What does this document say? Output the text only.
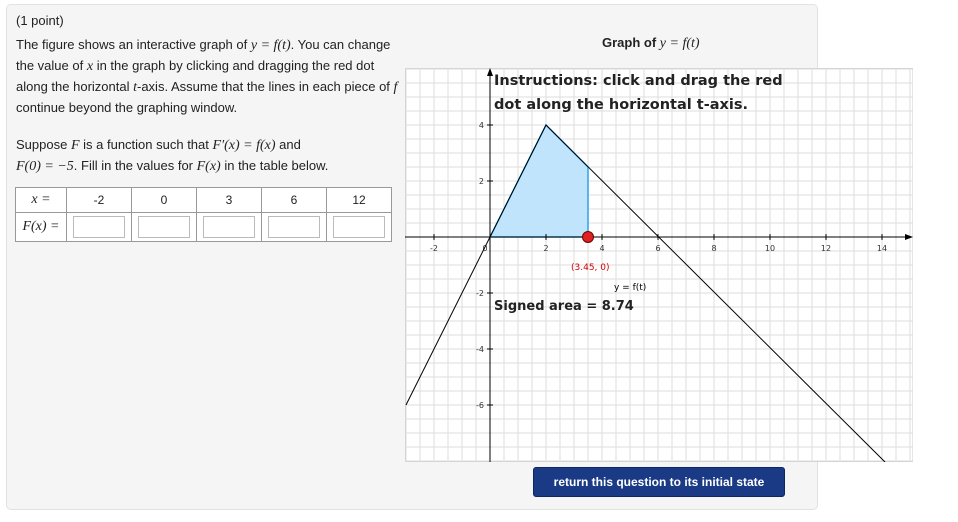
(1 point)
The figure shows an interactive graph of y = f(t). You can change the value of x in the graph by clicking and dragging the red dot along the horizontal t-axis. Assume that the lines in each piece of f continue beyond the graphing window.
Suppose F is a function such that F′(x) = f(x) and
F(0) = −5. Fill in the values for F(x) in the table below.
x =	-2	0	3	6	12
F(x) =					
Graph of y = f(t)
-2	0	2	4	6	8	10	12	14
4
2
-2
-4
-6
y = f(t)
(3.45, 0)
Instructions: click and drag the red
dot along the horizontal t-axis.
Signed area = 8.74
return this question to its initial state
